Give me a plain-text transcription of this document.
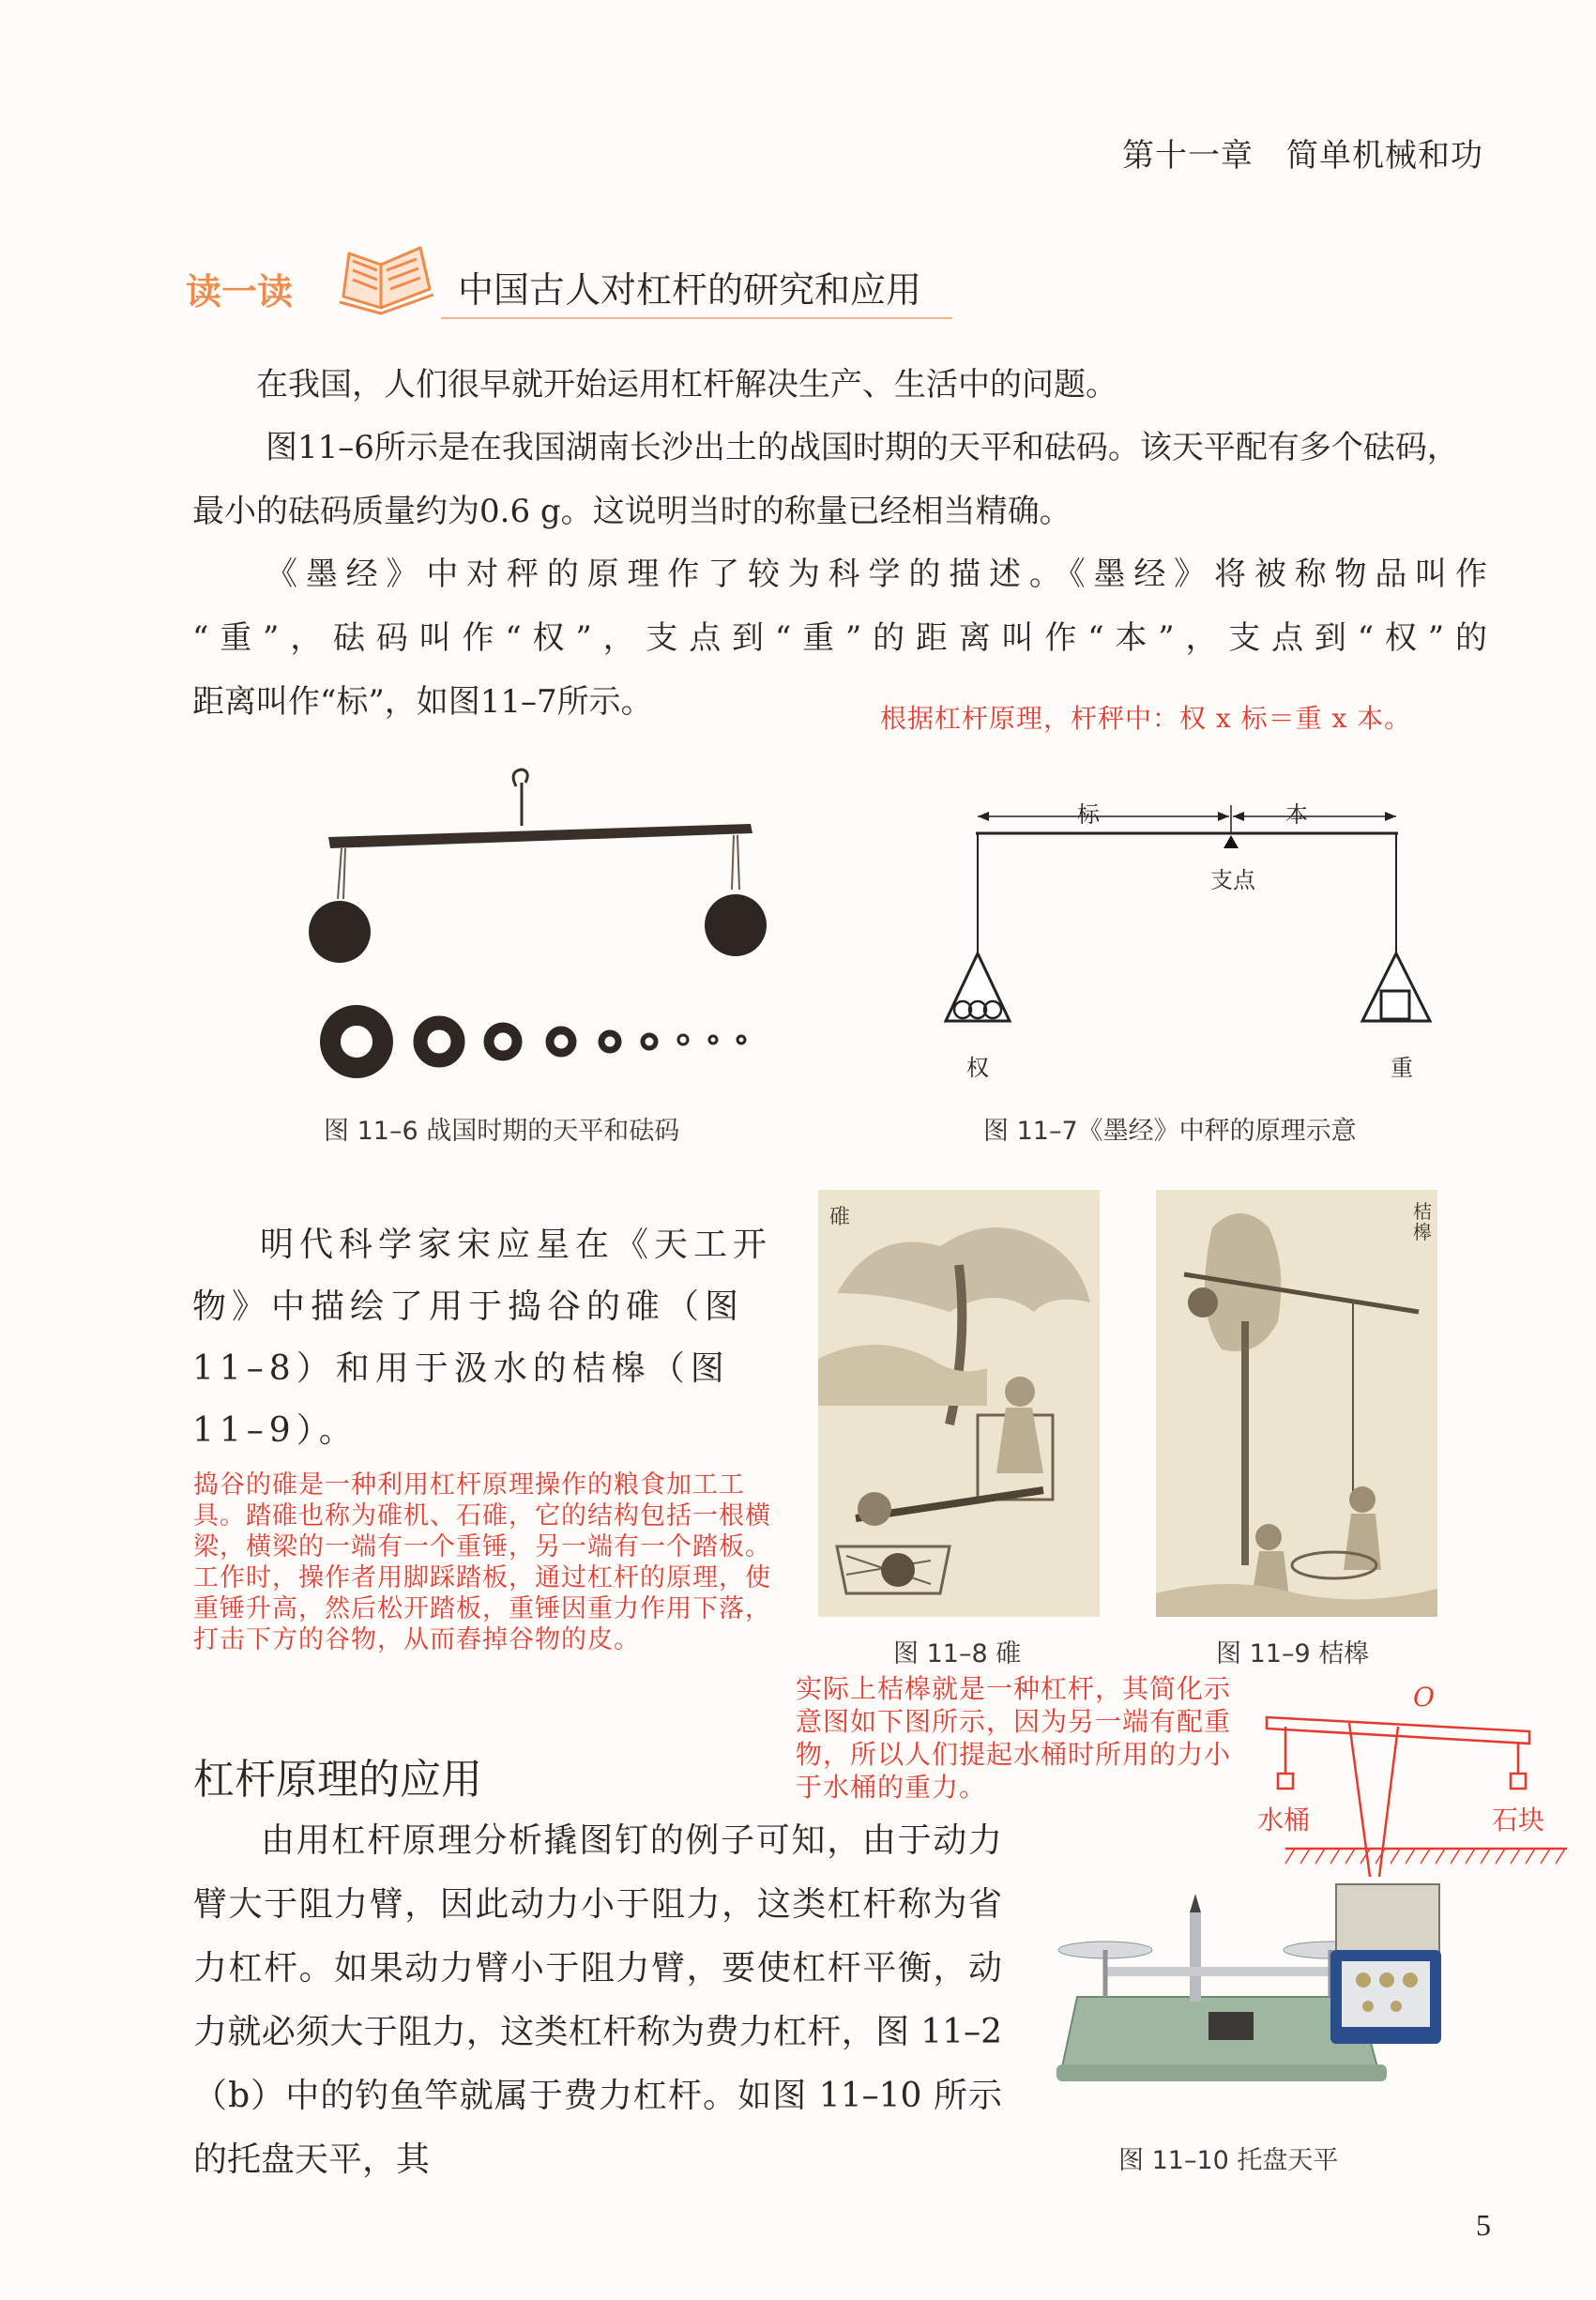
第十一章　简单机械和功
读一读	中国古人对杠杆的研究和应用
在我国，人们很早就开始运用杠杆解决生产、生活中的问题。
图11–6所示是在我国湖南长沙出土的战国时期的天平和砝码。该天平配有多个砝码，最小的砝码质量约为0.6 g。这说明当时的称量已经相当精确。
《墨经》中对秤的原理作了较为科学的描述。《墨经》将被称物品叫作
“重”，砝码叫作“权”，支点到“重”的距离叫作“本”，支点到“权”的
距离叫作“标”，如图11–7所示。	根据杠杆原理，杆秤中：权 x 标＝重 x 本。
图 11–6 战国时期的天平和砝码
标	本
支点
权	重
图 11–7《墨经》中秤的原理示意
明代科学家宋应星在《天工开物》中描绘了用于捣谷的碓（图11–8）和用于汲水的桔槔（图11–9）。
捣谷的碓是一种利用杠杆原理操作的粮食加工工具。踏碓也称为碓机、石碓，它的结构包括一根横梁，横梁的一端有一个重锤，另一端有一个踏板。工作时，操作者用脚踩踏板，通过杠杆的原理，使重锤升高，然后松开踏板，重锤因重力作用下落，打击下方的谷物，从而舂掉谷物的皮。
碓
图 11–8 碓
桔槔
图 11–9 桔槔
实际上桔槔就是一种杠杆，其简化示意图如下图所示，因为另一端有配重物，所以人们提起水桶时所用的力小于水桶的重力。
O
水桶	石块
杠杆原理的应用
由用杠杆原理分析撬图钉的例子可知，由于动力臂大于阻力臂，因此动力小于阻力，这类杠杆称为省力杠杆。如果动力臂小于阻力臂，要使杠杆平衡，动力就必须大于阻力，这类杠杆称为费力杠杆，图 11–2（b）中的钓鱼竿就属于费力杠杆。如图 11–10 所示的托盘天平，其	图 11–10 托盘天平
5
